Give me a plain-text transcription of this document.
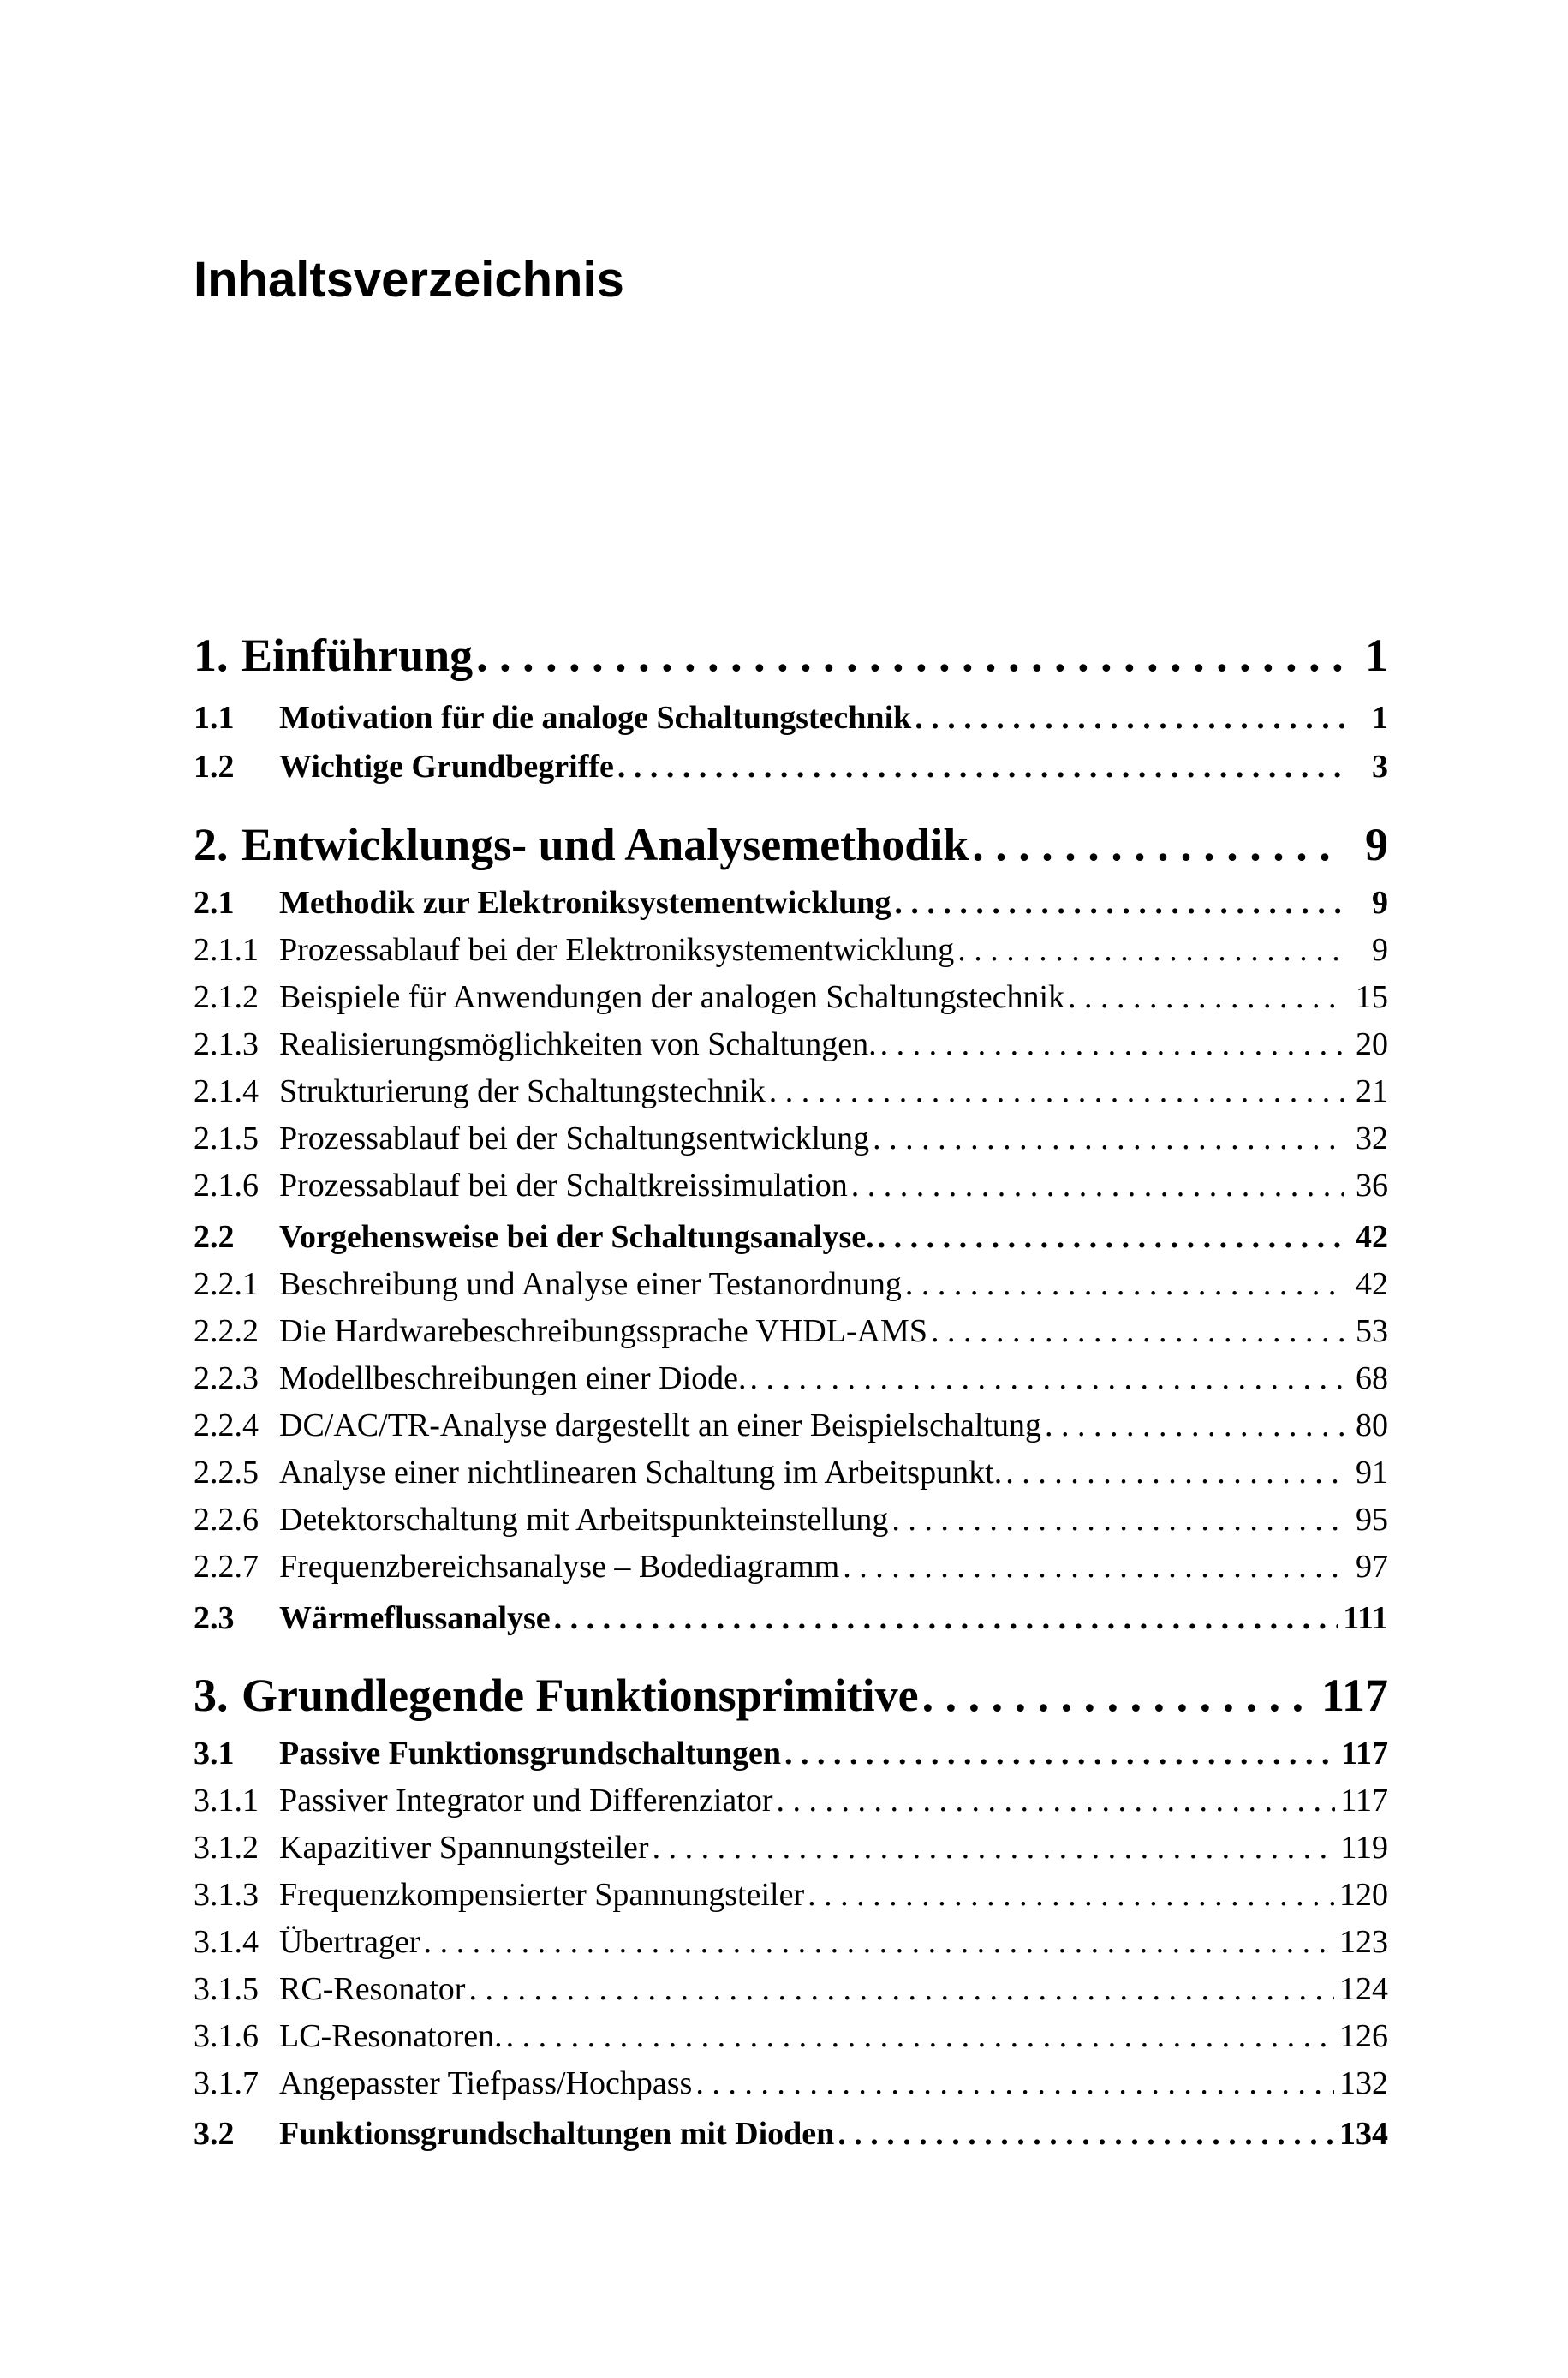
Inhaltsverzeichnis
1. Einführung . . .	1
1.1	Motivation für die analoge Schaltungstechnik . . .	1
1.2	Wichtige Grundbegriffe . . .	3
2. Entwicklungs- und Analysemethodik . . .	9
2.1	Methodik zur Elektroniksystementwicklung . . .	9
2.1.1 Prozessablauf bei der Elektroniksystementwicklung . . .	9
2.1.2 Beispiele für Anwendungen der analogen Schaltungstechnik . . .	15
2.1.3 Realisierungsmöglichkeiten von Schaltungen. . . .	20
2.1.4 Strukturierung der Schaltungstechnik . . .	21
2.1.5 Prozessablauf bei der Schaltungsentwicklung . . .	32
2.1.6 Prozessablauf bei der Schaltkreissimulation . . .	36
2.2	Vorgehensweise bei der Schaltungsanalyse. . . .	42
2.2.1 Beschreibung und Analyse einer Testanordnung . . .	42
2.2.2 Die Hardwarebeschreibungssprache VHDL-AMS . . .	53
2.2.3 Modellbeschreibungen einer Diode. . . .	68
2.2.4 DC/AC/TR-Analyse dargestellt an einer Beispielschaltung . . .	80
2.2.5 Analyse einer nichtlinearen Schaltung im Arbeitspunkt. . . .	91
2.2.6 Detektorschaltung mit Arbeitspunkteinstellung . . .	95
2.2.7 Frequenzbereichsanalyse – Bodediagramm . . .	97
2.3	Wärmeflussanalyse . . .	111
3. Grundlegende Funktionsprimitive . . .	117
3.1	Passive Funktionsgrundschaltungen . . .	117
3.1.1 Passiver Integrator und Differenziator . . .	117
3.1.2 Kapazitiver Spannungsteiler . . .	119
3.1.3 Frequenzkompensierter Spannungsteiler . . .	120
3.1.4 Übertrager . . .	123
3.1.5 RC-Resonator . . .	124
3.1.6 LC-Resonatoren. . . .	126
3.1.7 Angepasster Tiefpass/Hochpass . . .	132
3.2	Funktionsgrundschaltungen mit Dioden . . .	134
